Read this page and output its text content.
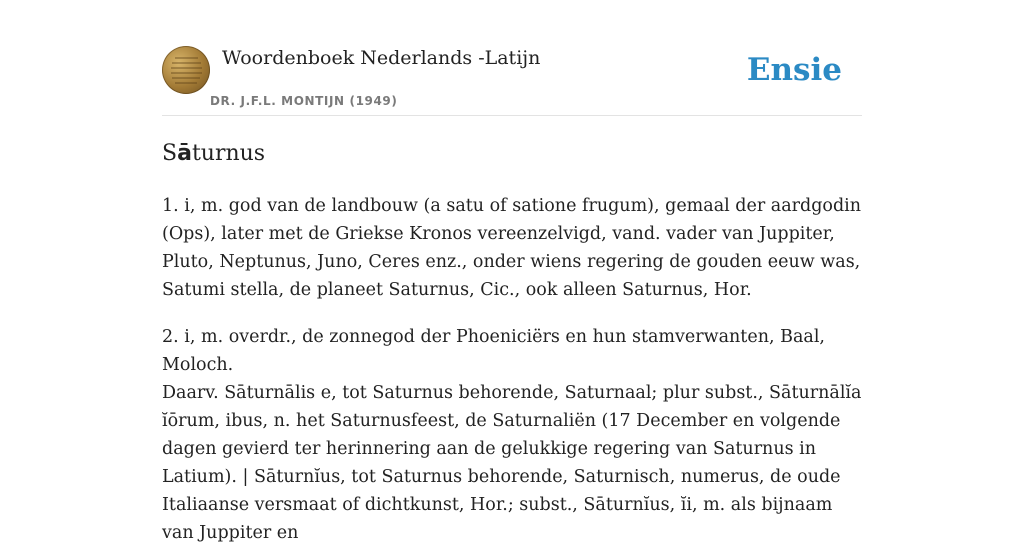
Woordenboek Nederlands -Latijn
DR. J.F.L. MONTIJN (1949)
Ensie
Sāturnus

1. i, m. god van de landbouw (a satu of satione frugum), gemaal der aardgodin (Ops), later met de Griekse Kronos vereenzelvigd, vand. vader van Juppiter, Pluto, Neptunus, Juno, Ceres enz., onder wiens regering de gouden eeuw was, Satumi stella, de planeet Saturnus, Cic., ook alleen Saturnus, Hor.

2. i, m. overdr., de zonnegod der Phoeniciërs en hun stamverwanten, Baal, Moloch.

Daarv. Sāturnālis e, tot Saturnus behorende, Saturnaal; plur subst., Sāturnālĭa ĭōrum, ibus, n. het Saturnusfeest, de Saturnaliën (17 December en volgende dagen gevierd ter herinnering aan de gelukkige regering van Saturnus in Latium). | Sāturnĭus, tot Saturnus behorende, Saturnisch, numerus, de oude Italiaanse versmaat of dichtkunst, Hor.; subst., Sāturnĭus, ĭi, m. als bijnaam van Juppiter en
